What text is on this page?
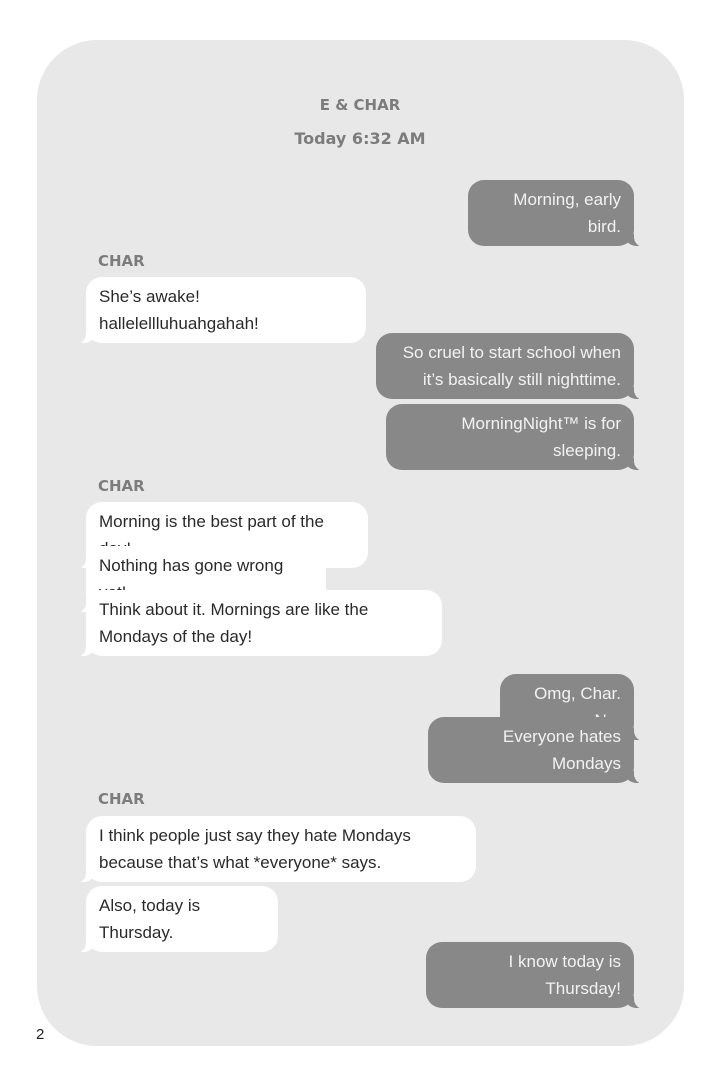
E & CHAR
Today 6:32 AM
Morning, early bird.
CHAR
She’s awake! hallelellluhuahgahah!
So cruel to start school when it’s basically still nighttime.
MorningNight™ is for sleeping.
CHAR
Morning is the best part of the
Nothing has gone wrong
Think about it. Mornings are like the Mondays of the day!
Omg, Char.
Everyone hates Mondays
CHAR
I think people just say they hate Mondays because that’s what *everyone* says.
Also, today is Thursday.
I know today is Thursday!
2
